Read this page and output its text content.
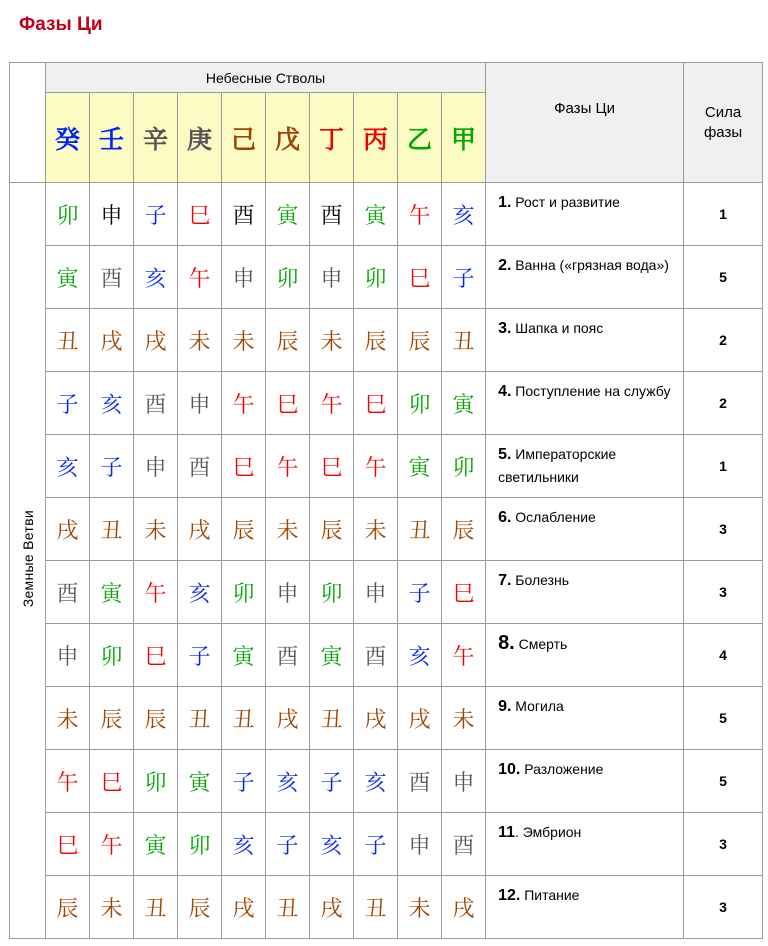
Фазы Ци
	Небесные Стволы										Фазы Ци	Сила
фазы
	癸	壬	辛	庚	己	戊	丁	丙	乙	甲		
Земные Ветви	卯	申	子	巳	酉	寅	酉	寅	午	亥	1. Рост и развитие	1
	寅	酉	亥	午	申	卯	申	卯	巳	子	2. Ванна («грязная вода»)	5
	丑	戌	戌	未	未	辰	未	辰	辰	丑	3. Шапка и пояс	2
	子	亥	酉	申	午	巳	午	巳	卯	寅	4. Поступление на службу	2
	亥	子	申	酉	巳	午	巳	午	寅	卯	5. Императорские светильники	1
	戌	丑	未	戌	辰	未	辰	未	丑	辰	6. Ослабление	3
	酉	寅	午	亥	卯	申	卯	申	子	巳	7. Болезнь	3
	申	卯	巳	子	寅	酉	寅	酉	亥	午	8. Смерть	4
	未	辰	辰	丑	丑	戌	丑	戌	戌	未	9. Могила	5
	午	巳	卯	寅	子	亥	子	亥	酉	申	10. Разложение	5
	巳	午	寅	卯	亥	子	亥	子	申	酉	11. Эмбрион	3
	辰	未	丑	辰	戌	丑	戌	丑	未	戌	12. Питание	3
